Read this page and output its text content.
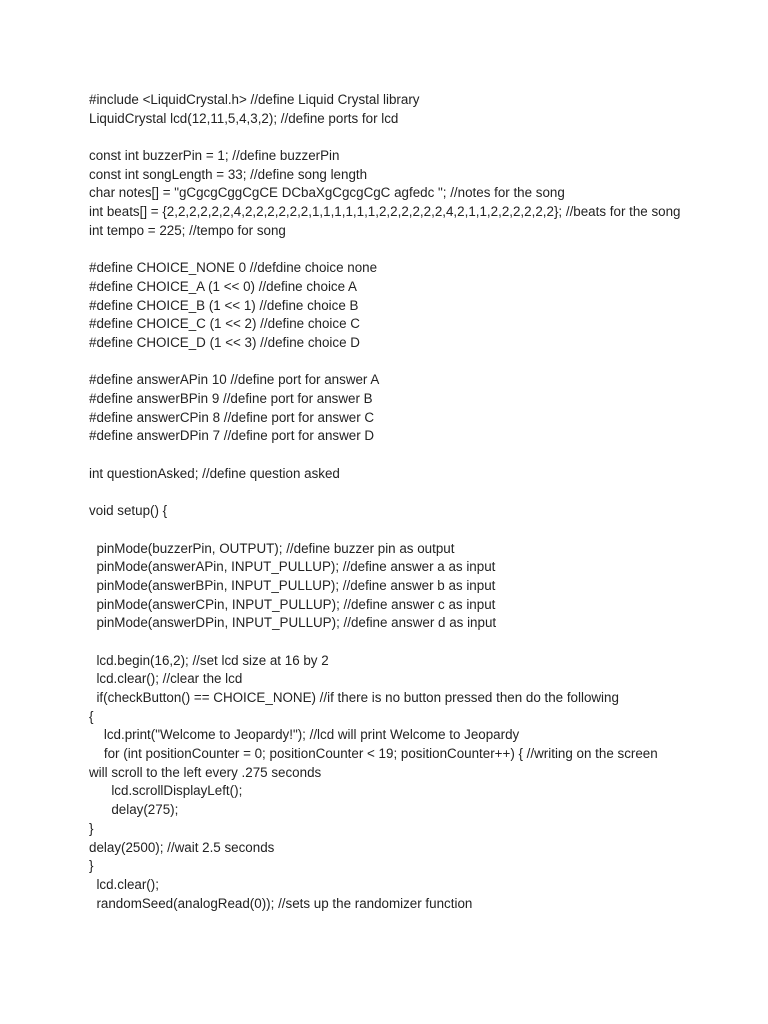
#include <LiquidCrystal.h> //define Liquid Crystal library
LiquidCrystal lcd(12,11,5,4,3,2); //define ports for lcd
const int buzzerPin = 1; //define buzzerPin
const int songLength = 33; //define song length
char notes[] = "gCgcgCggCgCE DCbaXgCgcgCgC agfedc "; //notes for the song
int beats[] = {2,2,2,2,2,2,4,2,2,2,2,2,2,1,1,1,1,1,1,2,2,2,2,2,2,4,2,1,1,2,2,2,2,2,2}; //beats for the song
int tempo = 225; //tempo for song
#define CHOICE_NONE 0 //defdine choice none
#define CHOICE_A (1 << 0) //define choice A
#define CHOICE_B (1 << 1) //define choice B
#define CHOICE_C (1 << 2) //define choice C
#define CHOICE_D (1 << 3) //define choice D
#define answerAPin 10 //define port for answer A
#define answerBPin 9 //define port for answer B
#define answerCPin 8 //define port for answer C
#define answerDPin 7 //define port for answer D
int questionAsked; //define question asked
void setup() {
pinMode(buzzerPin, OUTPUT); //define buzzer pin as output
pinMode(answerAPin, INPUT_PULLUP); //define answer a as input
pinMode(answerBPin, INPUT_PULLUP); //define answer b as input
pinMode(answerCPin, INPUT_PULLUP); //define answer c as input
pinMode(answerDPin, INPUT_PULLUP); //define answer d as input
lcd.begin(16,2); //set lcd size at 16 by 2
lcd.clear(); //clear the lcd
if(checkButton() == CHOICE_NONE) //if there is no button pressed then do the following
{
lcd.print("Welcome to Jeopardy!"); //lcd will print Welcome to Jeopardy
for (int positionCounter = 0; positionCounter < 19; positionCounter++) { //writing on the screen
will scroll to the left every .275 seconds
lcd.scrollDisplayLeft();
delay(275);
}
delay(2500); //wait 2.5 seconds
}
lcd.clear();
randomSeed(analogRead(0)); //sets up the randomizer function
